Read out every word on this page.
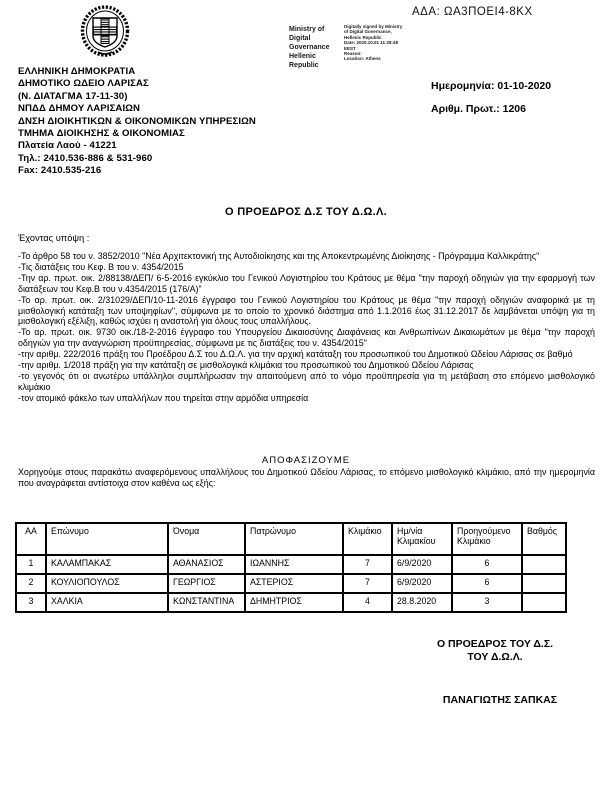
Ministry of Digital
Governance
Hellenic Republic
Digitally signed by Ministry
of Digital Governance,
Hellenic Republic
Date: 2020.10.01 11:28:48
EEST
Reason:
Location: Athens
ΑΔΑ: ΩΑ3ΠΟΕΙ4-8ΚΧ
ΕΛΛΗΝΙΚΗ ΔΗΜΟΚΡΑΤΙΑ
ΔΗΜΟΤΙΚΟ ΩΔΕΙΟ ΛΑΡΙΣΑΣ
(Ν. ΔΙΑΤΑΓΜΑ 17-11-30)
ΝΠΔΔ ΔΗΜΟΥ ΛΑΡΙΣΑΙΩΝ
ΔΝΣΗ ΔΙΟΙΚΗΤΙΚΩΝ & ΟΙΚΟΝΟΜΙΚΩΝ ΥΠΗΡΕΣΙΩΝ
ΤΜΗΜΑ ΔΙΟΙΚΗΣΗΣ & ΟΙΚΟΝΟΜΙΑΣ
Πλατεία Λαού - 41221
Τηλ.: 2410.536-886 & 531-960
Fax: 2410.535-216
Ημερομηνία: 01-10-2020
Αριθμ. Πρωτ.: 1206
Ο ΠΡΟΕΔΡΟΣ Δ.Σ ΤΟΥ Δ.Ω.Λ.
Έχοντας υπόψη :

-Το άρθρο 58 του ν. 3852/2010 "Νέα Αρχιτεκτονική της Αυτοδιοίκησης και της Αποκεντρωμένης Διοίκησης - Πρόγραμμα Καλλικράτης"

-Τις διατάξεις του Κεφ. Β του ν. 4354/2015

-Την αρ. πρωτ. οικ. 2/88138/ΔΕΠ/ 6-5-2016 εγκύκλιο του Γενικού Λογιστηρίου του Κράτους με θέμα "την παροχή οδηγιών για την εφαρμογή των διατάξεων του Κεφ.Β του ν.4354/2015 (176/Α)"

-Το αρ. πρωτ. οικ. 2/31029/ΔΕΠ/10-11-2016 έγγραφο του Γενικού Λογιστηρίου του Κράτους με θέμα "την παροχή οδηγιών αναφορικά με τη μισθολογική κατάταξη των υποψηφίων", σύμφωνα με το οποίο το χρονικό διάστημα από 1.1.2016 έως 31.12.2017 δε λαμβάνεται υπόψη για τη μισθολογική εξέλιξη, καθώς ισχύει η αναστολή για όλους τους υπαλλήλους.

-Το αρ. πρωτ. οικ. 9730 οικ./18-2-2016 έγγραφο του Υπουργείου Δικαιοσύνης Διαφάνειας και Ανθρωπίνων Δικαιωμάτων με θέμα "την παροχή οδηγιών για την αναγνώριση προϋπηρεσίας, σύμφωνα με τις διατάξεις του ν. 4354/2015"

-την αριθμ. 222/2016 πράξη του Προέδρου Δ.Σ του Δ.Ω.Λ. για την αρχική κατάταξη του προσωπικού του Δημοτικού Ωδείου Λάρισας σε βαθμό

-την αριθμ. 1/2018 πράξη για την κατάταξη σε μισθολογικά κλιμάκια του προσωπικού του Δημοτικού Ωδείου Λάρισας

-το γεγονός ότι οι ανωτέρω υπάλληλοι συμπλήρωσαν την απαιτούμενη από το νόμο προϋπηρεσία για τη μετάβαση στο επόμενο μισθολογικό κλιμάκιο

-τον ατομικό φάκελο των υπαλλήλων που τηρείται στην αρμόδια υπηρεσία

ΑΠΟΦΑΣΙΖΟΥΜΕ
Χορηγούμε στους παρακάτω αναφερόμενους υπαλλήλους του Δημοτικού Ωδείου Λάρισας, το επόμενο μισθολογικό κλιμάκιο, από την ημερομηνία που αναγράφεται αντίστοιχα στον καθένα ως εξής:
ΑΑ	Επώνυμο	Όνομα	Πατρώνυμο	Κλιμάκιο	Ημ/νία Κλιμακίου	Προηγούμενο Κλιμάκιο	Βαθμός
1	ΚΑΛΑΜΠΑΚΑΣ	ΑΘΑΝΑΣΙΟΣ	ΙΩΑΝΝΗΣ	7	6/9/2020	6	
2	ΚΟΥΛΙΟΠΟΥΛΟΣ	ΓΕΩΡΓΙΟΣ	ΑΣΤΕΡΙΟΣ	7	6/9/2020	6	
3	ΧΑΛΚΙΑ	ΚΩΝΣΤΑΝΤΙΝΑ	ΔΗΜΗΤΡΙΟΣ	4	28.8.2020	3	
Ο ΠΡΟΕΔΡΟΣ ΤΟΥ Δ.Σ.
ΤΟΥ Δ.Ω.Λ.
ΠΑΝΑΓΙΩΤΗΣ ΣΑΠΚΑΣ
